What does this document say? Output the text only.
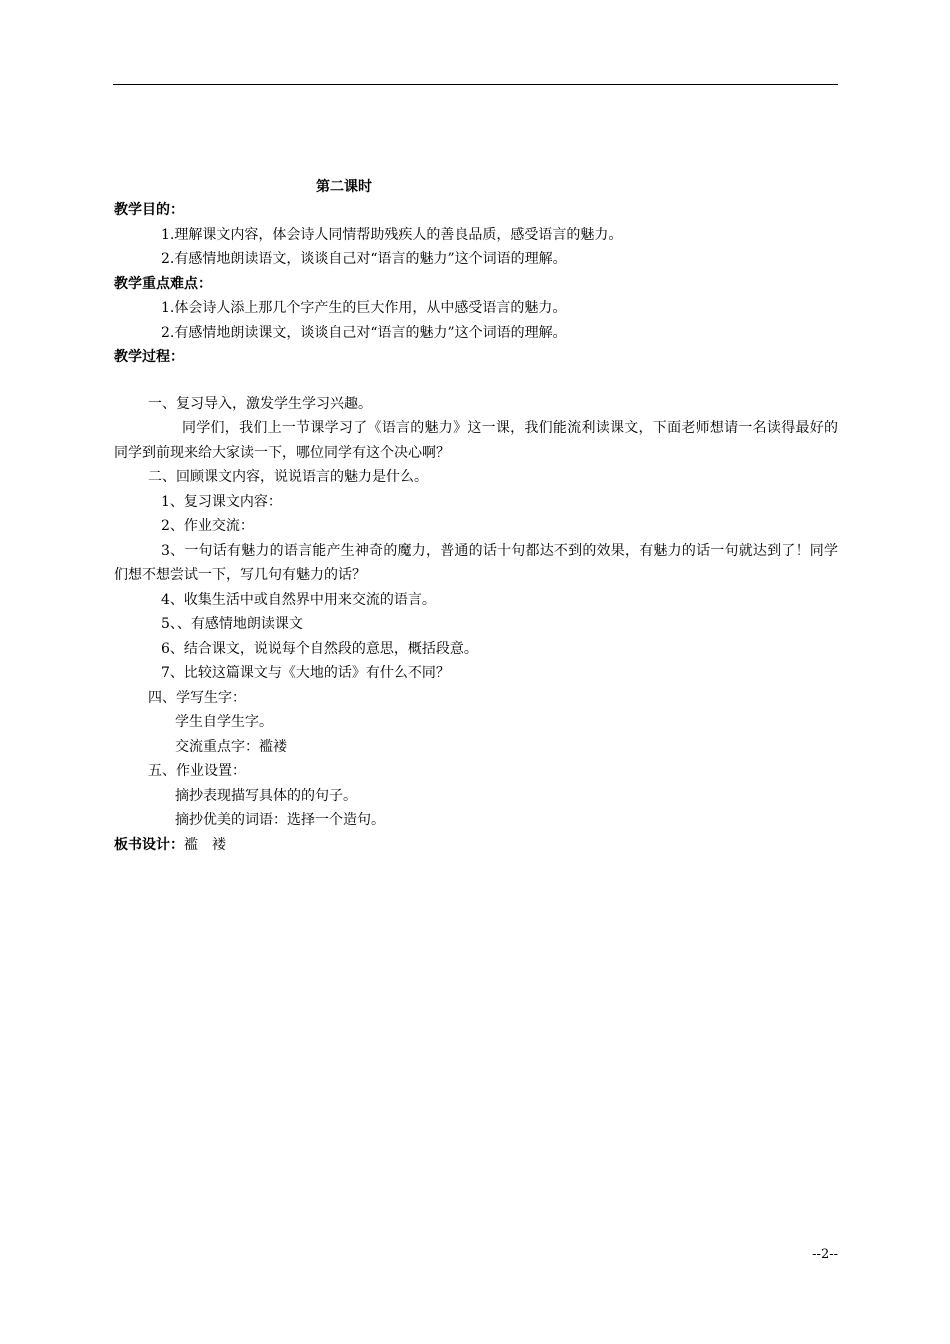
第二课时
教学目的：
1.理解课文内容，体会诗人同情帮助残疾人的善良品质，感受语言的魅力。
2.有感情地朗读语文，谈谈自己对“语言的魅力”这个词语的理解。
教学重点难点：
1.体会诗人添上那几个字产生的巨大作用，从中感受语言的魅力。
2.有感情地朗读课文，谈谈自己对“语言的魅力”这个词语的理解。
教学过程：
一、复习导入，激发学生学习兴趣。
同学们，我们上一节课学习了《语言的魅力》这一课，我们能流利读课文，下面老师想请一名读得最好的同学到前现来给大家读一下，哪位同学有这个决心啊？
二、回顾课文内容，说说语言的魅力是什么。
1、复习课文内容：
2、作业交流：
3、一句话有魅力的语言能产生神奇的魔力，普通的话十句都达不到的效果，有魅力的话一句就达到了！同学们想不想尝试一下，写几句有魅力的话？
4、收集生活中或自然界中用来交流的语言。
5、、有感情地朗读课文
6、结合课文，说说每个自然段的意思，概括段意。
7、比较这篇课文与《大地的话》有什么不同？
四、学写生字：
学生自学生字。
交流重点字：褴褛
五、作业设置：
摘抄表现描写具体的的句子。
摘抄优美的词语：选择一个造句。
板书设计：褴　褛
--2--
